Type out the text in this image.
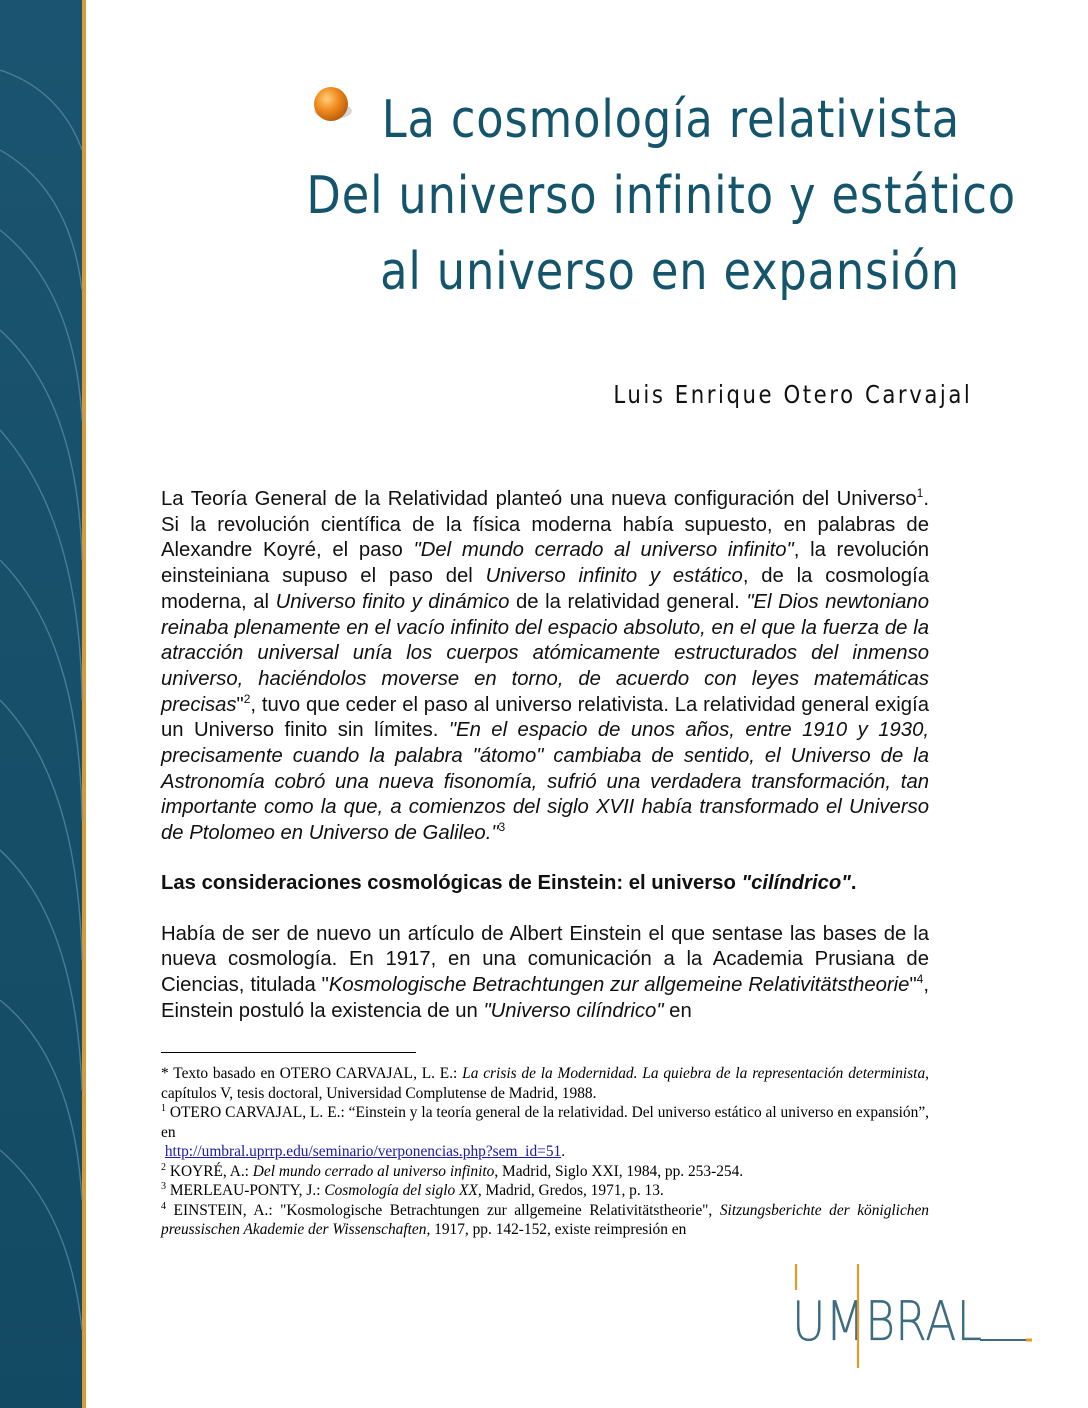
La cosmología relativista
Del universo infinito y estático
al universo en expansión
Luis Enrique Otero Carvajal

La Teoría General de la Relatividad planteó una nueva configuración del Universo$^1$. Si la revolución científica de la física moderna había supuesto, en palabras de Alexandre Koyré, el paso "Del mundo cerrado al universo infinito", la revolución einsteiniana supuso el paso del Universo infinito y estático, de la cosmología moderna, al Universo finito y dinámico de la relatividad general. "El Dios newtoniano reinaba plenamente en el vacío infinito del espacio absoluto, en el que la fuerza de la atracción universal unía los cuerpos atómicamente estructurados del inmenso universo, haciéndolos moverse en torno, de acuerdo con leyes matemáticas precisas"$^2$, tuvo que ceder el paso al universo relativista. La relatividad general exigía un Universo finito sin límites. "En el espacio de unos años, entre 1910 y 1930, precisamente cuando la palabra "átomo" cambiaba de sentido, el Universo de la Astronomía cobró una nueva fisonomía, sufrió una verdadera transformación, tan importante como la que, a comienzos del siglo XVII había transformado el Universo de Ptolomeo en Universo de Galileo."$^3$

Las consideraciones cosmológicas de Einstein: el universo "cilíndrico".

Había de ser de nuevo un artículo de Albert Einstein el que sentase las bases de la nueva cosmología. En 1917, en una comunicación a la Academia Prusiana de Ciencias, titulada "Kosmologische Betrachtungen zur allgemeine Relativitätstheorie"$^4$, Einstein postuló la existencia de un "Universo cilíndrico" en

* Texto basado en OTERO CARVAJAL, L. E.: La crisis de la Modernidad. La quiebra de la representación determinista, capítulos V, tesis doctoral, Universidad Complutense de Madrid, 1988.

$^1$ OTERO CARVAJAL, L. E.: “Einstein y la teoría general de la relatividad. Del universo estático al universo en expansión”, en
http://umbral.uprrp.edu/seminario/verponencias.php?sem_id=51.

$^2$ KOYRÉ, A.: Del mundo cerrado al universo infinito, Madrid, Siglo XXI, 1984, pp. 253-254.

$^3$ MERLEAU-PONTY, J.: Cosmología del siglo XX, Madrid, Gredos, 1971, p. 13.

$^4$ EINSTEIN, A.: "Kosmologische Betrachtungen zur allgemeine Relativitätstheorie", Sitzungsberichte der königlichen preussischen Akademie der Wissenschaften, 1917, pp. 142-152, existe reimpresión en

UMBRAL
